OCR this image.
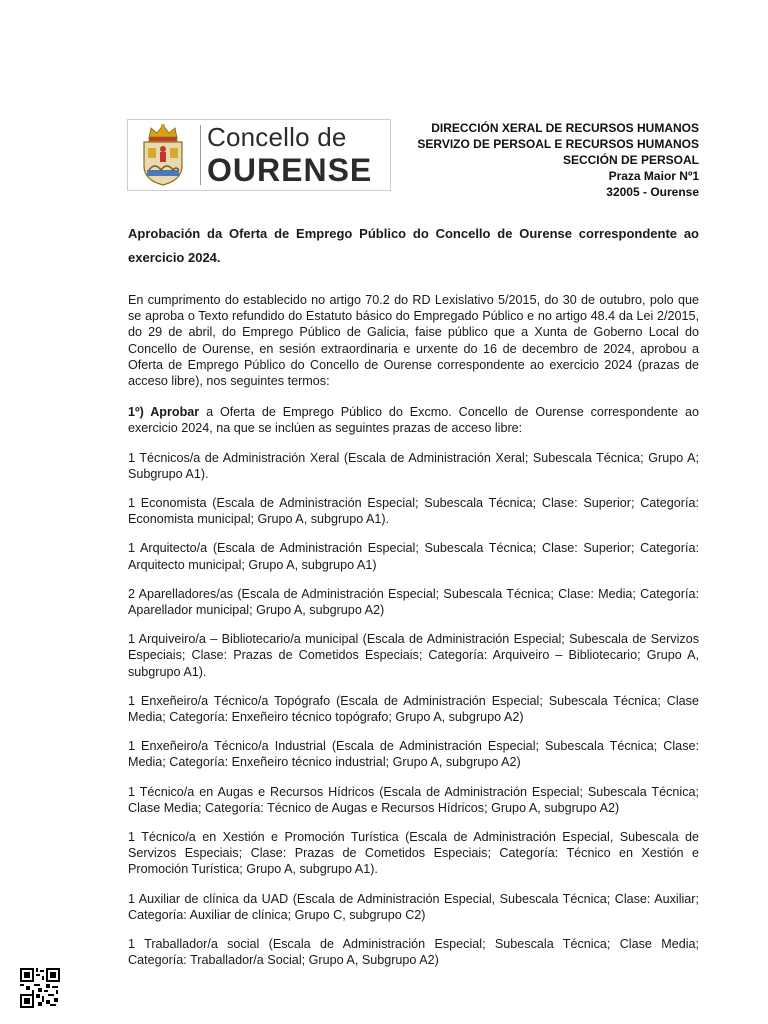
Concello de
OURENSE
DIRECCIÓN XERAL DE RECURSOS HUMANOS
SERVIZO DE PERSOAL E RECURSOS HUMANOS
SECCIÓN DE PERSOAL
Praza Maior Nº1
32005 - Ourense

Aprobación da Oferta de Emprego Público do Concello de Ourense correspondente ao exercicio 2024.

En cumprimento do establecido no artigo 70.2 do RD Lexislativo 5/2015, do 30 de outubro, polo que se aproba o Texto refundido do Estatuto básico do Empregado Público e no artigo 48.4 da Lei 2/2015, do 29 de abril, do Emprego Público de Galicia, faise público que a Xunta de Goberno Local do Concello de Ourense, en sesión extraordinaria e urxente do 16 de decembro de 2024, aprobou a Oferta de Emprego Público do Concello de Ourense correspondente ao exercicio 2024 (prazas de acceso libre), nos seguintes termos:

1º) Aprobar a Oferta de Emprego Público do Excmo. Concello de Ourense correspondente ao exercicio 2024, na que se inclúen as seguintes prazas de acceso libre:

1 Técnicos/a de Administración Xeral (Escala de Administración Xeral; Subescala Técnica; Grupo A; Subgrupo A1).

1 Economista (Escala de Administración Especial; Subescala Técnica; Clase: Superior; Categoría: Economista municipal; Grupo A, subgrupo A1).

1 Arquitecto/a (Escala de Administración Especial; Subescala Técnica; Clase: Superior; Categoría: Arquitecto municipal; Grupo A, subgrupo A1)

2 Aparelladores/as (Escala de Administración Especial; Subescala Técnica; Clase: Media; Categoría: Aparellador municipal; Grupo A, subgrupo A2)

1 Arquiveiro/a – Bibliotecario/a municipal (Escala de Administración Especial; Subescala de Servizos Especiais; Clase: Prazas de Cometidos Especiais; Categoría: Arquiveiro – Bibliotecario; Grupo A, subgrupo A1).

1 Enxeñeiro/a Técnico/a Topógrafo (Escala de Administración Especial; Subescala Técnica; Clase Media; Categoría: Enxeñeiro técnico topógrafo; Grupo A, subgrupo A2)

1 Enxeñeiro/a Técnico/a Industrial (Escala de Administración Especial; Subescala Técnica; Clase: Media; Categoría: Enxeñeiro técnico industrial; Grupo A, subgrupo A2)

1 Técnico/a en Augas e Recursos Hídricos (Escala de Administración Especial; Subescala Técnica; Clase Media; Categoría: Técnico de Augas e Recursos Hídricos; Grupo A, subgrupo A2)

1 Técnico/a en Xestión e Promoción Turística (Escala de Administración Especial, Subescala de Servizos Especiais; Clase: Prazas de Cometidos Especiais; Categoría: Técnico en Xestión e Promoción Turística; Grupo A, subgrupo A1).

1 Auxiliar de clínica da UAD (Escala de Administración Especial, Subescala Técnica; Clase: Auxiliar; Categoría: Auxiliar de clínica; Grupo C, subgrupo C2)

1 Traballador/a social (Escala de Administración Especial; Subescala Técnica; Clase Media; Categoría: Traballador/a Social; Grupo A, Subgrupo A2)
